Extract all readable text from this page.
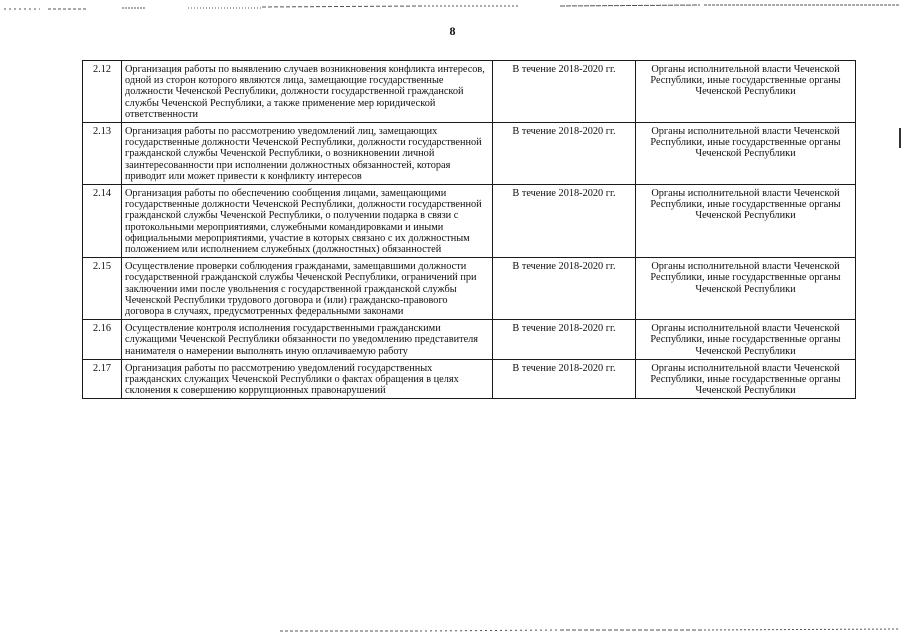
8
2.12	Организация работы по выявлению случаев возникновения конфликта интересов, одной из сторон которого являются лица, замещающие государственные должности Чеченской Республики, должности государственной гражданской службы Чеченской Республики, а также применение мер юридической ответственности	В течение 2018-2020 гг.	Органы исполнительной власти Чеченской Республики, иные государственные органы Чеченской Республики
2.13	Организация работы по рассмотрению уведомлений лиц, замещающих государственные должности Чеченской Республики, должности государственной гражданской службы Чеченской Республики, о возникновении личной заинтересованности при исполнении должностных обязанностей, которая приводит или может привести к конфликту интересов	В течение 2018-2020 гг.	Органы исполнительной власти Чеченской Республики, иные государственные органы Чеченской Республики
2.14	Организация работы по обеспечению сообщения лицами, замещающими государственные должности Чеченской Республики, должности государственной гражданской службы Чеченской Республики, о получении подарка в связи с протокольными мероприятиями, служебными командировками и иными официальными мероприятиями, участие в которых связано с их должностным положением или исполнением служебных (должностных) обязанностей	В течение 2018-2020 гг.	Органы исполнительной власти Чеченской Республики, иные государственные органы Чеченской Республики
2.15	Осуществление проверки соблюдения гражданами, замещавшими должности государственной гражданской службы Чеченской Республики, ограничений при заключении ими после увольнения с государственной гражданской службы Чеченской Республики трудового договора и (или) гражданско-правового договора в случаях, предусмотренных федеральными законами	В течение 2018-2020 гг.	Органы исполнительной власти Чеченской Республики, иные государственные органы Чеченской Республики
2.16	Осуществление контроля исполнения государственными гражданскими служащими Чеченской Республики обязанности по уведомлению представителя нанимателя о намерении выполнять иную оплачиваемую работу	В течение 2018-2020 гг.	Органы исполнительной власти Чеченской Республики, иные государственные органы Чеченской Республики
2.17	Организация работы по рассмотрению уведомлений государственных гражданских служащих Чеченской Республики о фактах обращения в целях склонения к совершению коррупционных правонарушений	В течение 2018-2020 гг.	Органы исполнительной власти Чеченской Республики, иные государственные органы Чеченской Республики
